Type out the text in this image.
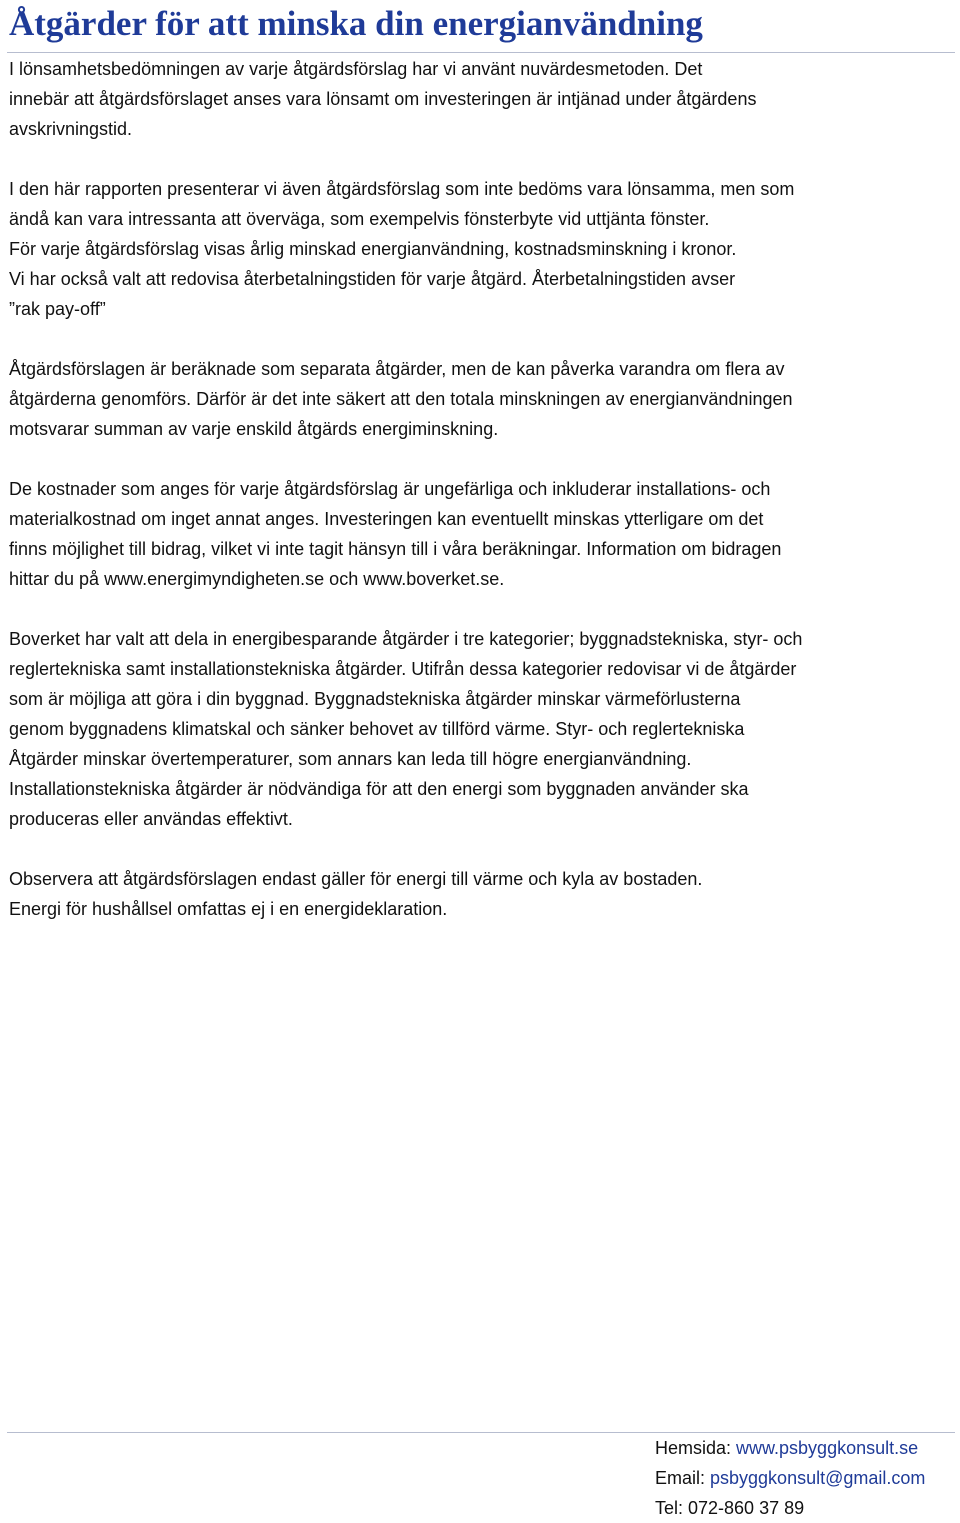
Åtgärder för att minska din energianvändning

I lönsamhetsbedömningen av varje åtgärdsförslag har vi använt nuvärdesmetoden. Det
innebär att åtgärdsförslaget anses vara lönsamt om investeringen är intjänad under åtgärdens
avskrivningstid.

I den här rapporten presenterar vi även åtgärdsförslag som inte bedöms vara lönsamma, men som
ändå kan vara intressanta att överväga, som exempelvis fönsterbyte vid uttjänta fönster.
För varje åtgärdsförslag visas årlig minskad energianvändning, kostnadsminskning i kronor.
Vi har också valt att redovisa återbetalningstiden för varje åtgärd. Återbetalningstiden avser
”rak pay-off”

Åtgärdsförslagen är beräknade som separata åtgärder, men de kan påverka varandra om flera av
åtgärderna genomförs. Därför är det inte säkert att den totala minskningen av energianvändningen
motsvarar summan av varje enskild åtgärds energiminskning.

De kostnader som anges för varje åtgärdsförslag är ungefärliga och inkluderar installations- och
materialkostnad om inget annat anges. Investeringen kan eventuellt minskas ytterligare om det
finns möjlighet till bidrag, vilket vi inte tagit hänsyn till i våra beräkningar. Information om bidragen
hittar du på www.energimyndigheten.se och www.boverket.se.

Boverket har valt att dela in energibesparande åtgärder i tre kategorier; byggnadstekniska, styr- och
reglertekniska samt installationstekniska åtgärder. Utifrån dessa kategorier redovisar vi de åtgärder
som är möjliga att göra i din byggnad. Byggnadstekniska åtgärder minskar värmeförlusterna
genom byggnadens klimatskal och sänker behovet av tillförd värme. Styr- och reglertekniska
Åtgärder minskar övertemperaturer, som annars kan leda till högre energianvändning.
Installationstekniska åtgärder är nödvändiga för att den energi som byggnaden använder ska
produceras eller användas effektivt.

Observera att åtgärdsförslagen endast gäller för energi till värme och kyla av bostaden.
Energi för hushållsel omfattas ej i en energideklaration.

Hemsida: www.psbyggkonsult.se

Email: psbyggkonsult@gmail.com

Tel: 072-860 37 89
